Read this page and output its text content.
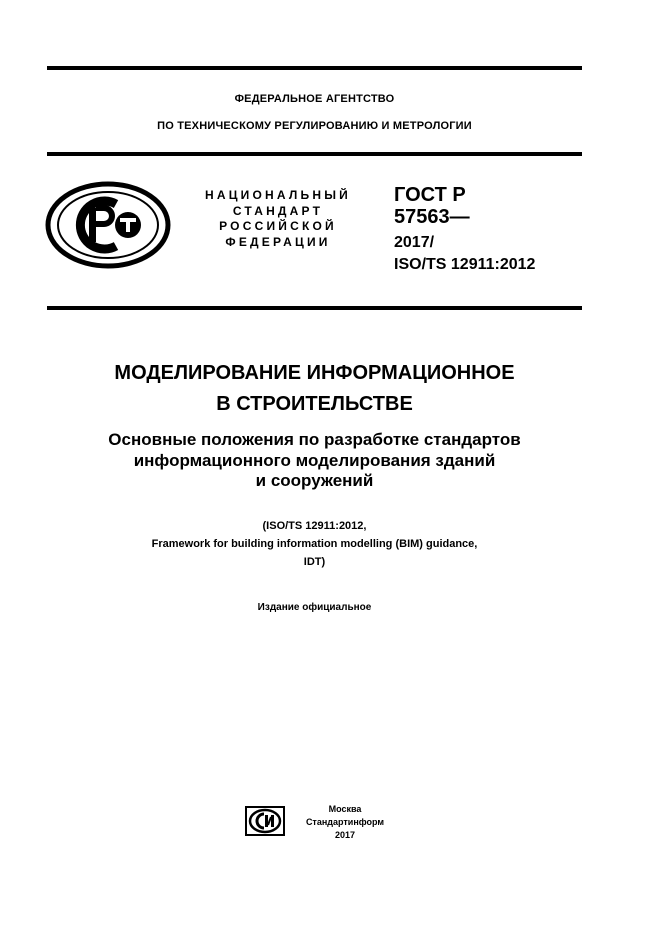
ФЕДЕРАЛЬНОЕ АГЕНТСТВО
ПО ТЕХНИЧЕСКОМУ РЕГУЛИРОВАНИЮ И МЕТРОЛОГИИ
НАЦИОНАЛЬНЫЙ
СТАНДАРТ
РОССИЙСКОЙ
ФЕДЕРАЦИИ
ГОСТ Р
57563—
2017/
ISO/TS 12911:2012
МОДЕЛИРОВАНИЕ ИНФОРМАЦИОННОЕ
В СТРОИТЕЛЬСТВЕ
Основные положения по разработке стандартов
информационного моделирования зданий
и сооружений
(ISO/TS 12911:2012,
Framework for building information modelling (BIM) guidance,
IDT)
Издание официальное
Москва
Стандартинформ
2017
